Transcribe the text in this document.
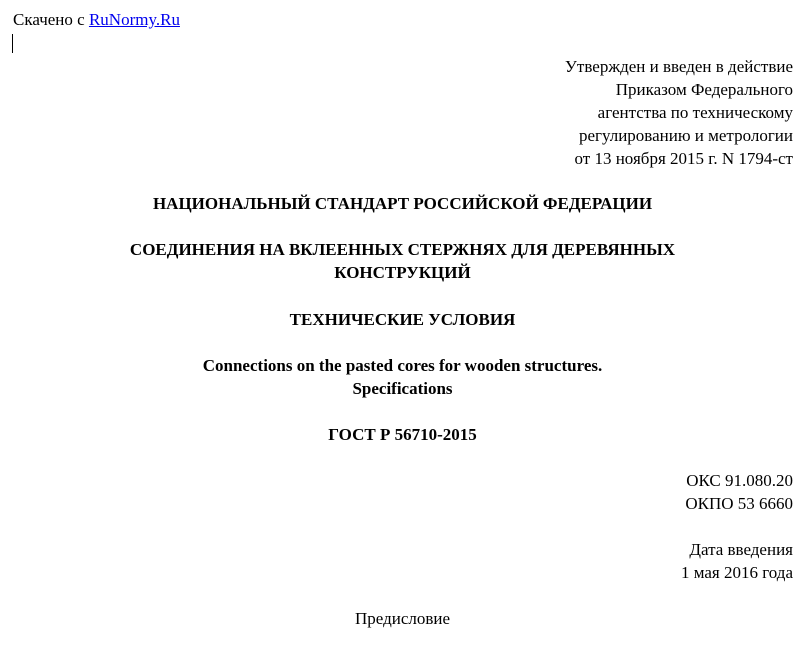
Скачено с RuNormy.Ru
Утвержден и введен в действие
Приказом Федерального
агентства по техническому
регулированию и метрологии
от 13 ноября 2015 г. N 1794-ст
НАЦИОНАЛЬНЫЙ СТАНДАРТ РОССИЙСКОЙ ФЕДЕРАЦИИ
СОЕДИНЕНИЯ НА ВКЛЕЕННЫХ СТЕРЖНЯХ ДЛЯ ДЕРЕВЯННЫХ
КОНСТРУКЦИЙ
ТЕХНИЧЕСКИЕ УСЛОВИЯ
Connections on the pasted cores for wooden structures.
Specifications
ГОСТ Р 56710-2015
ОКС 91.080.20
ОКПО 53 6660
Дата введения
1 мая 2016 года
Предисловие
